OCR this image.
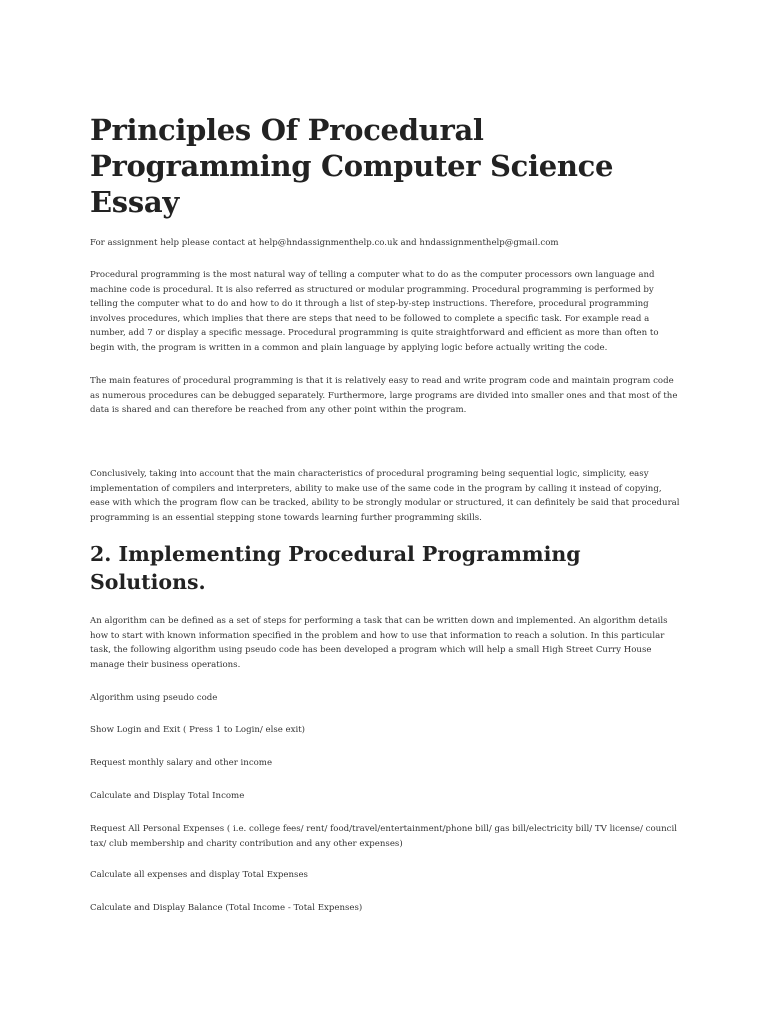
Principles Of Procedural Programming Computer Science Essay

For assignment help please contact at help@hndassignmenthelp.co.uk and hndassignmenthelp@gmail.com

Procedural programming is the most natural way of telling a computer what to do as the computer processors own language and machine code is procedural. It is also referred as structured or modular programming. Procedural programming is performed by telling the computer what to do and how to do it through a list of step-by-step instructions. Therefore, procedural programming involves procedures, which implies that there are steps that need to be followed to complete a specific task. For example read a number, add 7 or display a specific message. Procedural programming is quite straightforward and efficient as more than often to begin with, the program is written in a common and plain language by applying logic before actually writing the code.

The main features of procedural programming is that it is relatively easy to read and write program code and maintain program code as numerous procedures can be debugged separately. Furthermore, large programs are divided into smaller ones and that most of the data is shared and can therefore be reached from any other point within the program.

Conclusively, taking into account that the main characteristics of procedural programing being sequential logic, simplicity, easy implementation of compilers and interpreters, ability to make use of the same code in the program by calling it instead of copying, ease with which the program flow can be tracked, ability to be strongly modular or structured, it can definitely be said that procedural programming is an essential stepping stone towards learning further programming skills.

2. Implementing Procedural Programming Solutions.

An algorithm can be defined as a set of steps for performing a task that can be written down and implemented. An algorithm details how to start with known information specified in the problem and how to use that information to reach a solution. In this particular task, the following algorithm using pseudo code has been developed a program which will help a small High Street Curry House manage their business operations.

Algorithm using pseudo code

Show Login and Exit ( Press 1 to Login/ else exit)

Request monthly salary and other income

Calculate and Display Total Income

Request All Personal Expenses ( i.e. college fees/ rent/ food/travel/entertainment/phone bill/ gas bill/electricity bill/ TV license/ council tax/ club membership and charity contribution and any other expenses)

Calculate all expenses and display Total Expenses

Calculate and Display Balance (Total Income - Total Expenses)
